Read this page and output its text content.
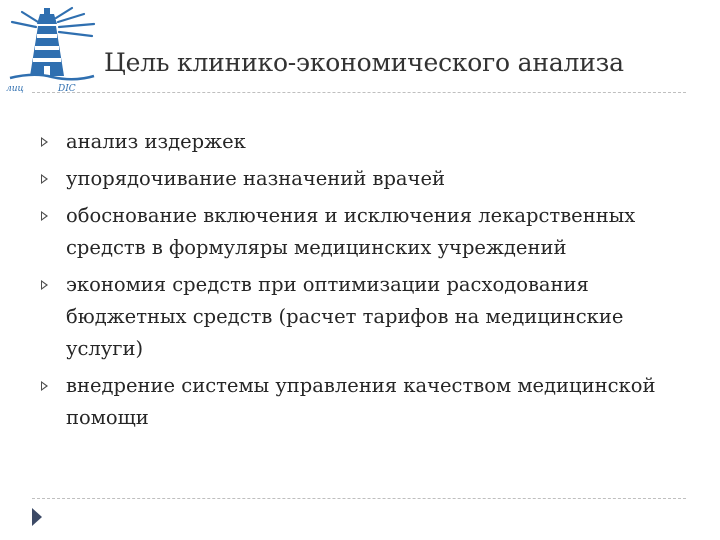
лиц	DIC
Цель клинико-экономического анализа
анализ издержек
упорядочивание назначений врачей
обоснование включения и исключения лекарственных средств в формуляры медицинских учреждений
экономия средств при оптимизации расходования бюджетных средств (расчет тарифов на медицинские услуги)
внедрение системы управления качеством медицинской помощи
